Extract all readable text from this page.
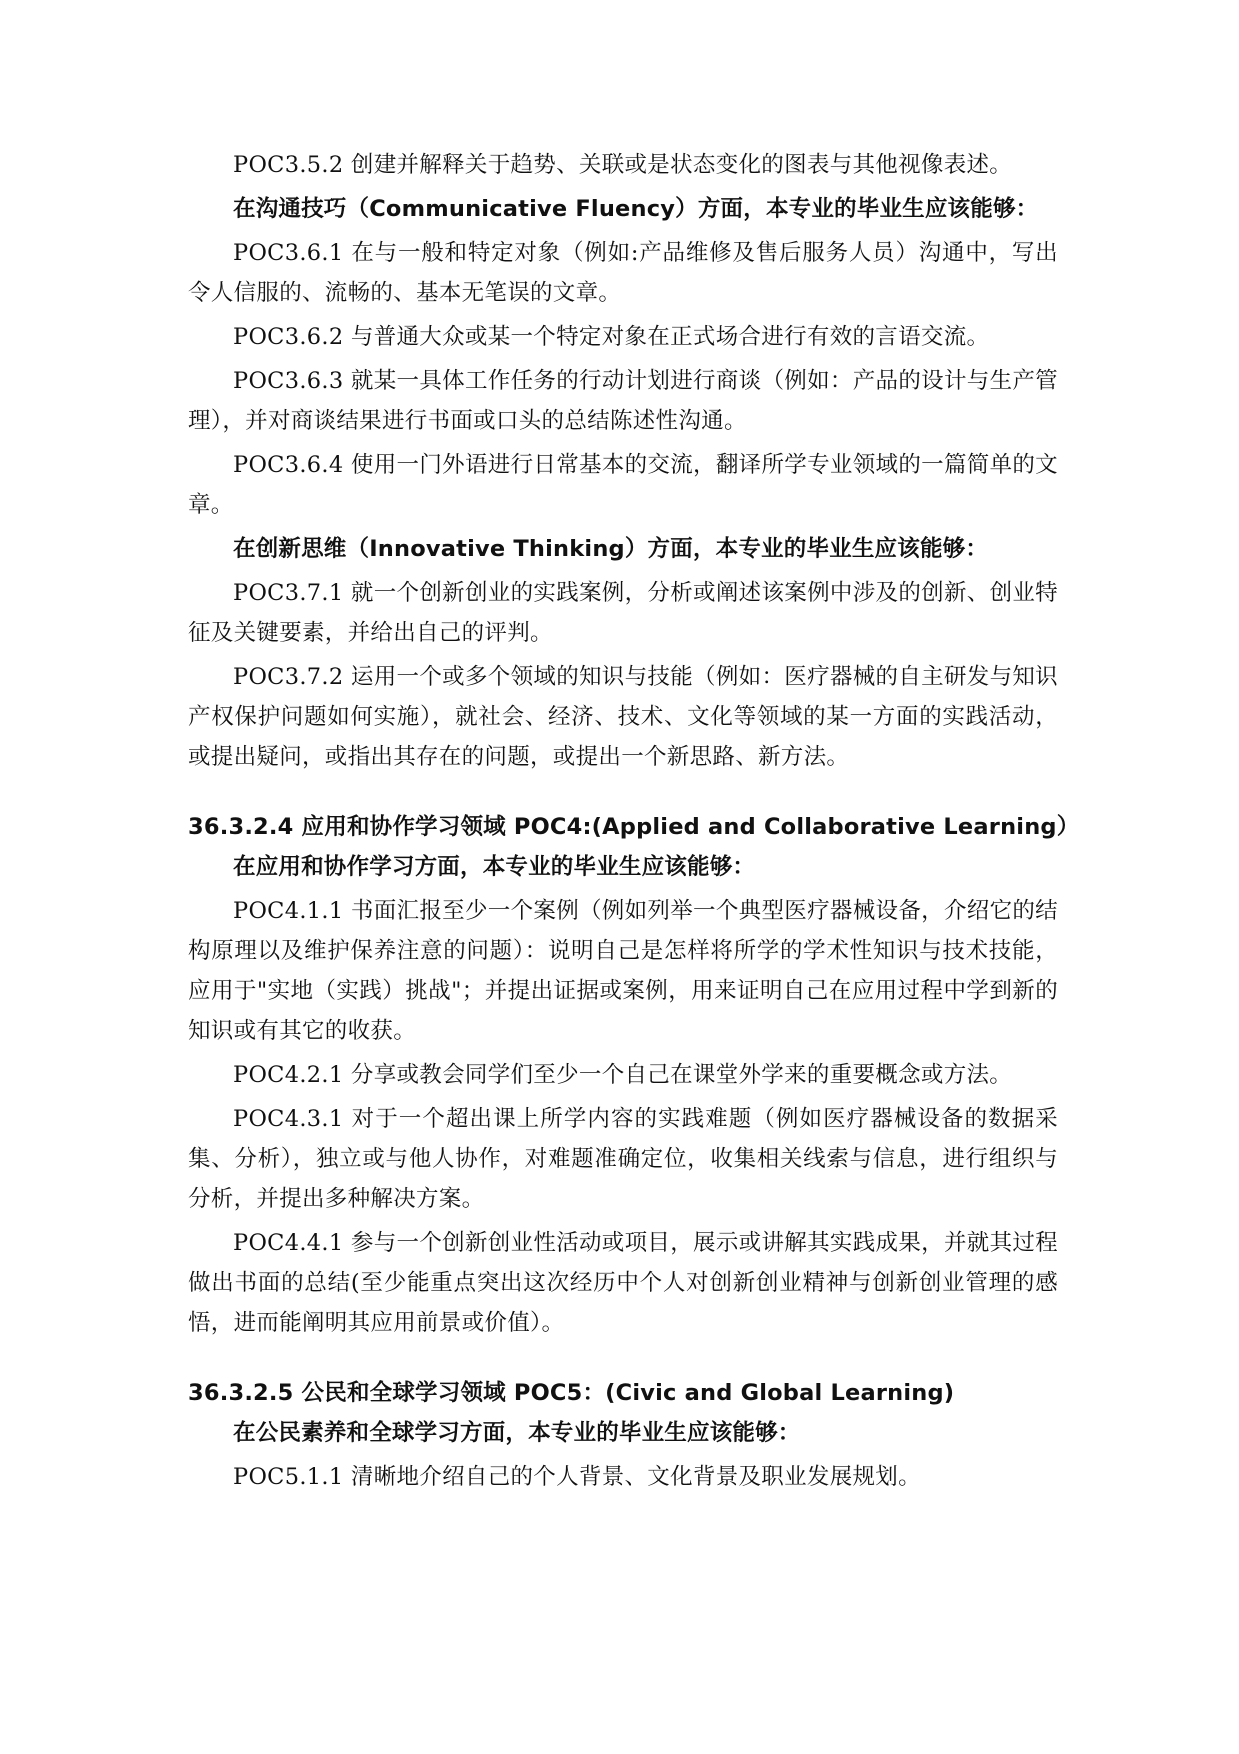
POC3.5.2 创建并解释关于趋势、关联或是状态变化的图表与其他视像表述。

在沟通技巧（Communicative Fluency）方面，本专业的毕业生应该能够：

POC3.6.1 在与一般和特定对象（例如:产品维修及售后服务人员）沟通中，写出令人信服的、流畅的、基本无笔误的文章。

POC3.6.2 与普通大众或某一个特定对象在正式场合进行有效的言语交流。

POC3.6.3 就某一具体工作任务的行动计划进行商谈（例如：产品的设计与生产管理），并对商谈结果进行书面或口头的总结陈述性沟通。

POC3.6.4 使用一门外语进行日常基本的交流，翻译所学专业领域的一篇简单的文章。

在创新思维（Innovative Thinking）方面，本专业的毕业生应该能够：

POC3.7.1 就一个创新创业的实践案例，分析或阐述该案例中涉及的创新、创业特征及关键要素，并给出自己的评判。

POC3.7.2 运用一个或多个领域的知识与技能（例如：医疗器械的自主研发与知识产权保护问题如何实施），就社会、经济、技术、文化等领域的某一方面的实践活动，或提出疑问，或指出其存在的问题，或提出一个新思路、新方法。

36.3.2.4 应用和协作学习领域 POC4:(Applied and Collaborative Learning）

在应用和协作学习方面，本专业的毕业生应该能够：

POC4.1.1 书面汇报至少一个案例（例如列举一个典型医疗器械设备，介绍它的结构原理以及维护保养注意的问题）：说明自己是怎样将所学的学术性知识与技术技能，应用于"实地（实践）挑战"；并提出证据或案例，用来证明自己在应用过程中学到新的知识或有其它的收获。

POC4.2.1 分享或教会同学们至少一个自己在课堂外学来的重要概念或方法。

POC4.3.1 对于一个超出课上所学内容的实践难题（例如医疗器械设备的数据采集、分析），独立或与他人协作，对难题准确定位，收集相关线索与信息，进行组织与分析，并提出多种解决方案。

POC4.4.1 参与一个创新创业性活动或项目，展示或讲解其实践成果，并就其过程做出书面的总结(至少能重点突出这次经历中个人对创新创业精神与创新创业管理的感悟，进而能阐明其应用前景或价值）。

36.3.2.5 公民和全球学习领域 POC5：(Civic and Global Learning)

在公民素养和全球学习方面，本专业的毕业生应该能够：

POC5.1.1 清晰地介绍自己的个人背景、文化背景及职业发展规划。
